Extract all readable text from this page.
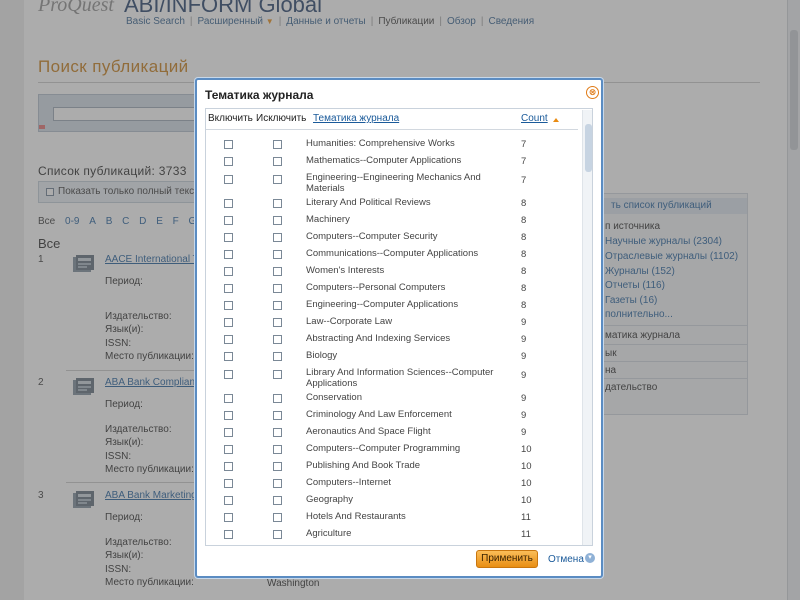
Тематика журнала	⊗
Включить Исключить Тематика журнала	Count
Humanities: Comprehensive Works	7
Mathematics--Computer Applications	7
Engineering--Engineering Mechanics And Materials
7
Literary And Political Reviews	8
Machinery	8
Computers--Computer Security	8
Communications--Computer Applications	8
Women's Interests	8
Computers--Personal Computers	8
Engineering--Computer Applications	8
Law--Corporate Law	9
Abstracting And Indexing Services	9
Biology	9
Library And Information Sciences--Computer Applications
9
Conservation	9
Criminology And Law Enforcement	9
Aeronautics And Space Flight	9
Computers--Computer Programming	10
Publishing And Book Trade	10
Computers--Internet	10
Geography	10
Hotels And Restaurants	11
Agriculture	11
Применить	Отмена ▾
